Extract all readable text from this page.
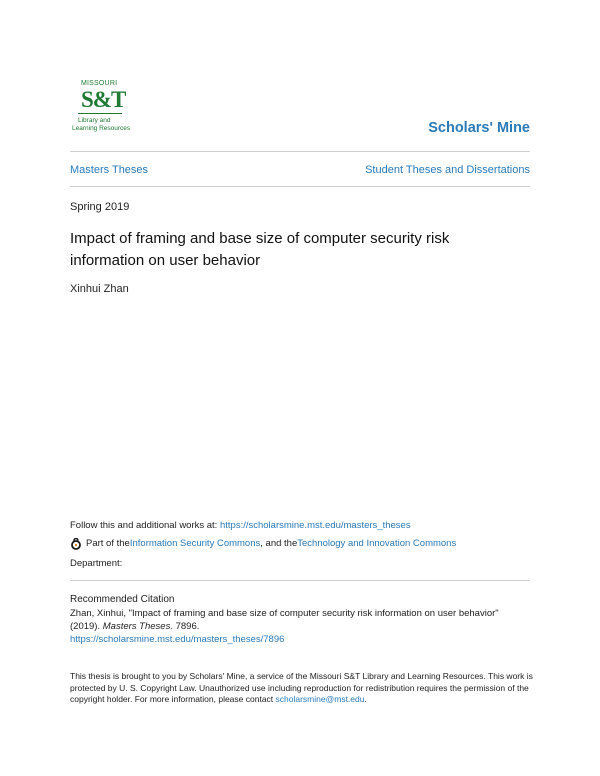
MISSOURI
S&T
Library and
Learning Resources	Scholars' Mine
Masters Theses	Student Theses and Dissertations
Spring 2019
Impact of framing and base size of computer security risk information on user behavior
Xinhui Zhan
Follow this and additional works at: https://scholarsmine.mst.edu/masters_theses
Part of the Information Security Commons , and the Technology and Innovation Commons
Department:
Recommended Citation
Zhan, Xinhui, "Impact of framing and base size of computer security risk information on user behavior"
(2019). Masters Theses. 7896.
https://scholarsmine.mst.edu/masters_theses/7896
This thesis is brought to you by Scholars' Mine, a service of the Missouri S&T Library and Learning Resources. This work is protected by U. S. Copyright Law. Unauthorized use including reproduction for redistribution requires the permission of the copyright holder. For more information, please contact scholarsmine@mst.edu.
